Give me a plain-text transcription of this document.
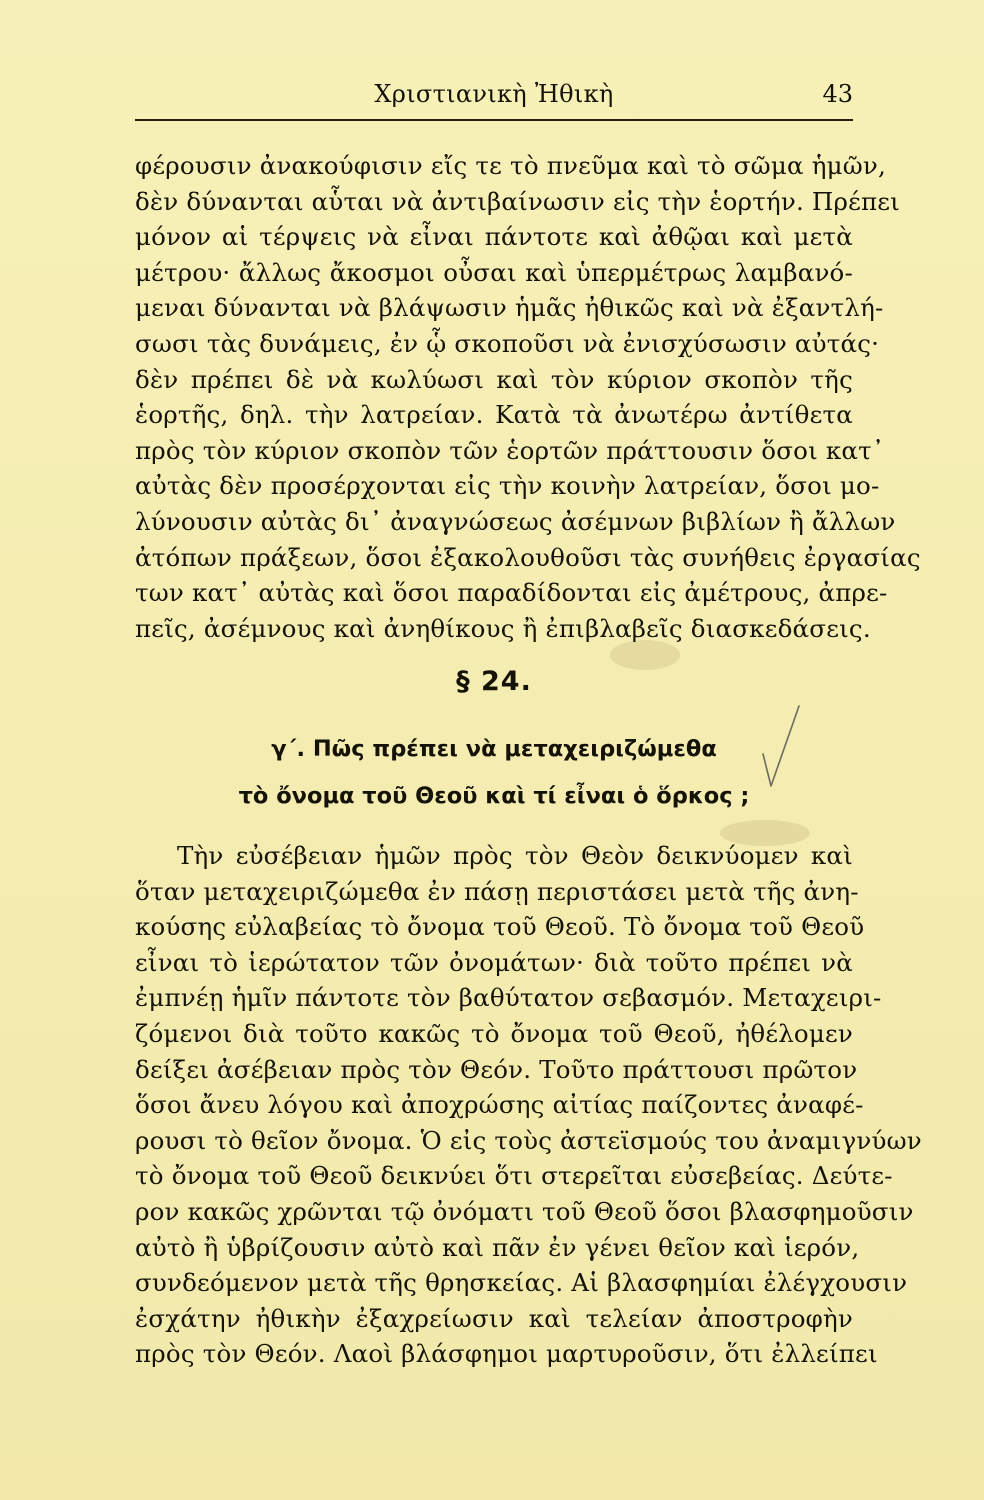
Χριστιανικὴ Ἠθικὴ	43
φέρουσιν ἀνακούφισιν εἴς τε τὸ πνεῦμα καὶ τὸ σῶμα ἡμῶν,
δὲν δύνανται αὗται νὰ ἀντιβαίνωσιν εἰς τὴν ἑορτήν. Πρέπει
μόνον αἱ τέρψεις νὰ εἶναι πάντοτε καὶ ἀθῷαι καὶ μετὰ
μέτρου· ἄλλως ἄκοσμοι οὖσαι καὶ ὑπερμέτρως λαμβανό-
μεναι δύνανται νὰ βλάψωσιν ἡμᾶς ἠθικῶς καὶ νὰ ἐξαντλή-
σωσι τὰς δυνάμεις, ἐν ᾧ σκοποῦσι νὰ ἐνισχύσωσιν αὐτάς·
δὲν πρέπει δὲ νὰ κωλύωσι καὶ τὸν κύριον σκοπὸν τῆς
ἑορτῆς, δηλ. τὴν λατρείαν. Κατὰ τὰ ἀνωτέρω ἀντίθετα
πρὸς τὸν κύριον σκοπὸν τῶν ἑορτῶν πράττουσιν ὅσοι κατ᾽
αὐτὰς δὲν προσέρχονται εἰς τὴν κοινὴν λατρείαν, ὅσοι μο-
λύνουσιν αὐτὰς δι᾽ ἀναγνώσεως ἀσέμνων βιβλίων ἢ ἄλλων
ἀτόπων πράξεων, ὅσοι ἐξακολουθοῦσι τὰς συνήθεις ἐργασίας
των κατ᾽ αὐτὰς καὶ ὅσοι παραδίδονται εἰς ἀμέτρους, ἀπρε-
πεῖς, ἀσέμνους καὶ ἀνηθίκους ἢ ἐπιβλαβεῖς διασκεδάσεις.
§ 24.
γ΄. Πῶς πρέπει νὰ μεταχειριζώμεθα
τὸ ὄνομα τοῦ Θεοῦ καὶ τί εἶναι ὁ ὅρκος ;
Τὴν εὐσέβειαν ἡμῶν πρὸς τὸν Θεὸν δεικνύομεν καὶ
ὅταν μεταχειριζώμεθα ἐν πάσῃ περιστάσει μετὰ τῆς ἀνη-
κούσης εὐλαβείας τὸ ὄνομα τοῦ Θεοῦ. Τὸ ὄνομα τοῦ Θεοῦ
εἶναι τὸ ἱερώτατον τῶν ὀνομάτων· διὰ τοῦτο πρέπει νὰ
ἐμπνέῃ ἡμῖν πάντοτε τὸν βαθύτατον σεβασμόν. Μεταχειρι-
ζόμενοι διὰ τοῦτο κακῶς τὸ ὄνομα τοῦ Θεοῦ, ἠθέλομεν
δείξει ἀσέβειαν πρὸς τὸν Θεόν. Τοῦτο πράττουσι πρῶτον
ὅσοι ἄνευ λόγου καὶ ἀποχρώσης αἰτίας παίζοντες ἀναφέ-
ρουσι τὸ θεῖον ὄνομα. Ὁ εἰς τοὺς ἀστεϊσμούς του ἀναμιγνύων
τὸ ὄνομα τοῦ Θεοῦ δεικνύει ὅτι στερεῖται εὐσεβείας. Δεύτε-
ρον κακῶς χρῶνται τῷ ὀνόματι τοῦ Θεοῦ ὅσοι βλασφημοῦσιν
αὐτὸ ἢ ὑβρίζουσιν αὐτὸ καὶ πᾶν ἐν γένει θεῖον καὶ ἱερόν,
συνδεόμενον μετὰ τῆς θρησκείας. Αἱ βλασφημίαι ἐλέγχουσιν
ἐσχάτην ἠθικὴν ἐξαχρείωσιν καὶ τελείαν ἀποστροφὴν
πρὸς τὸν Θεόν. Λαοὶ βλάσφημοι μαρτυροῦσιν, ὅτι ἐλλείπει
